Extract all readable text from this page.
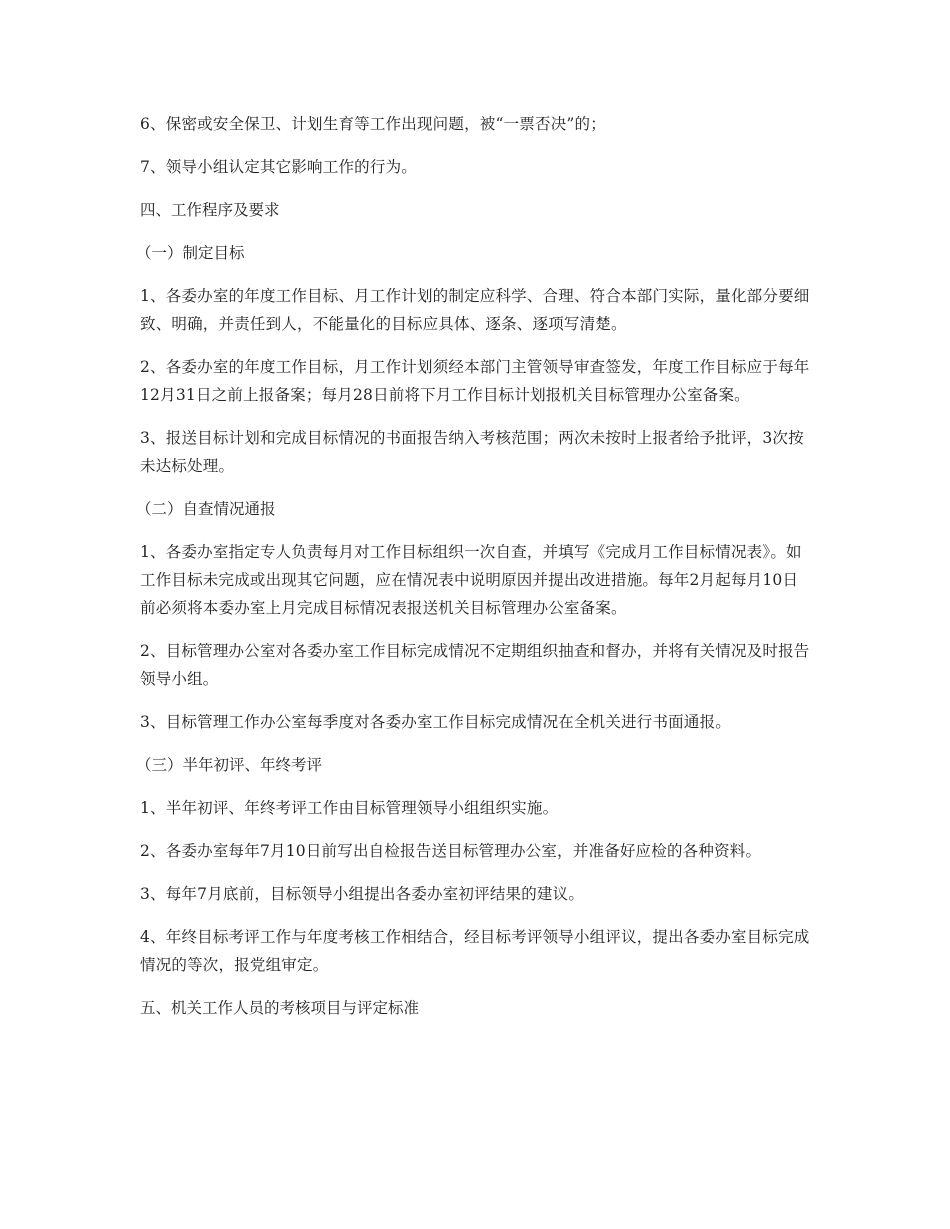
6、保密或安全保卫、计划生育等工作出现问题，被“一票否决”的；

7、领导小组认定其它影响工作的行为。

四、工作程序及要求

（一）制定目标

1、各委办室的年度工作目标、月工作计划的制定应科学、合理、符合本部门实际，量化部分要细致、明确，并责任到人，不能量化的目标应具体、逐条、逐项写清楚。

2、各委办室的年度工作目标，月工作计划须经本部门主管领导审查签发，年度工作目标应于每年12月31日之前上报备案；每月28日前将下月工作目标计划报机关目标管理办公室备案。

3、报送目标计划和完成目标情况的书面报告纳入考核范围；两次未按时上报者给予批评，3次按未达标处理。

（二）自查情况通报

1、各委办室指定专人负责每月对工作目标组织一次自查，并填写《完成月工作目标情况表》。如工作目标未完成或出现其它问题，应在情况表中说明原因并提出改进措施。每年2月起每月10日前必须将本委办室上月完成目标情况表报送机关目标管理办公室备案。

2、目标管理办公室对各委办室工作目标完成情况不定期组织抽查和督办，并将有关情况及时报告领导小组。

3、目标管理工作办公室每季度对各委办室工作目标完成情况在全机关进行书面通报。

（三）半年初评、年终考评

1、半年初评、年终考评工作由目标管理领导小组组织实施。

2、各委办室每年7月10日前写出自检报告送目标管理办公室，并准备好应检的各种资料。

3、每年7月底前，目标领导小组提出各委办室初评结果的建议。

4、年终目标考评工作与年度考核工作相结合，经目标考评领导小组评议，提出各委办室目标完成情况的等次，报党组审定。

五、机关工作人员的考核项目与评定标准
